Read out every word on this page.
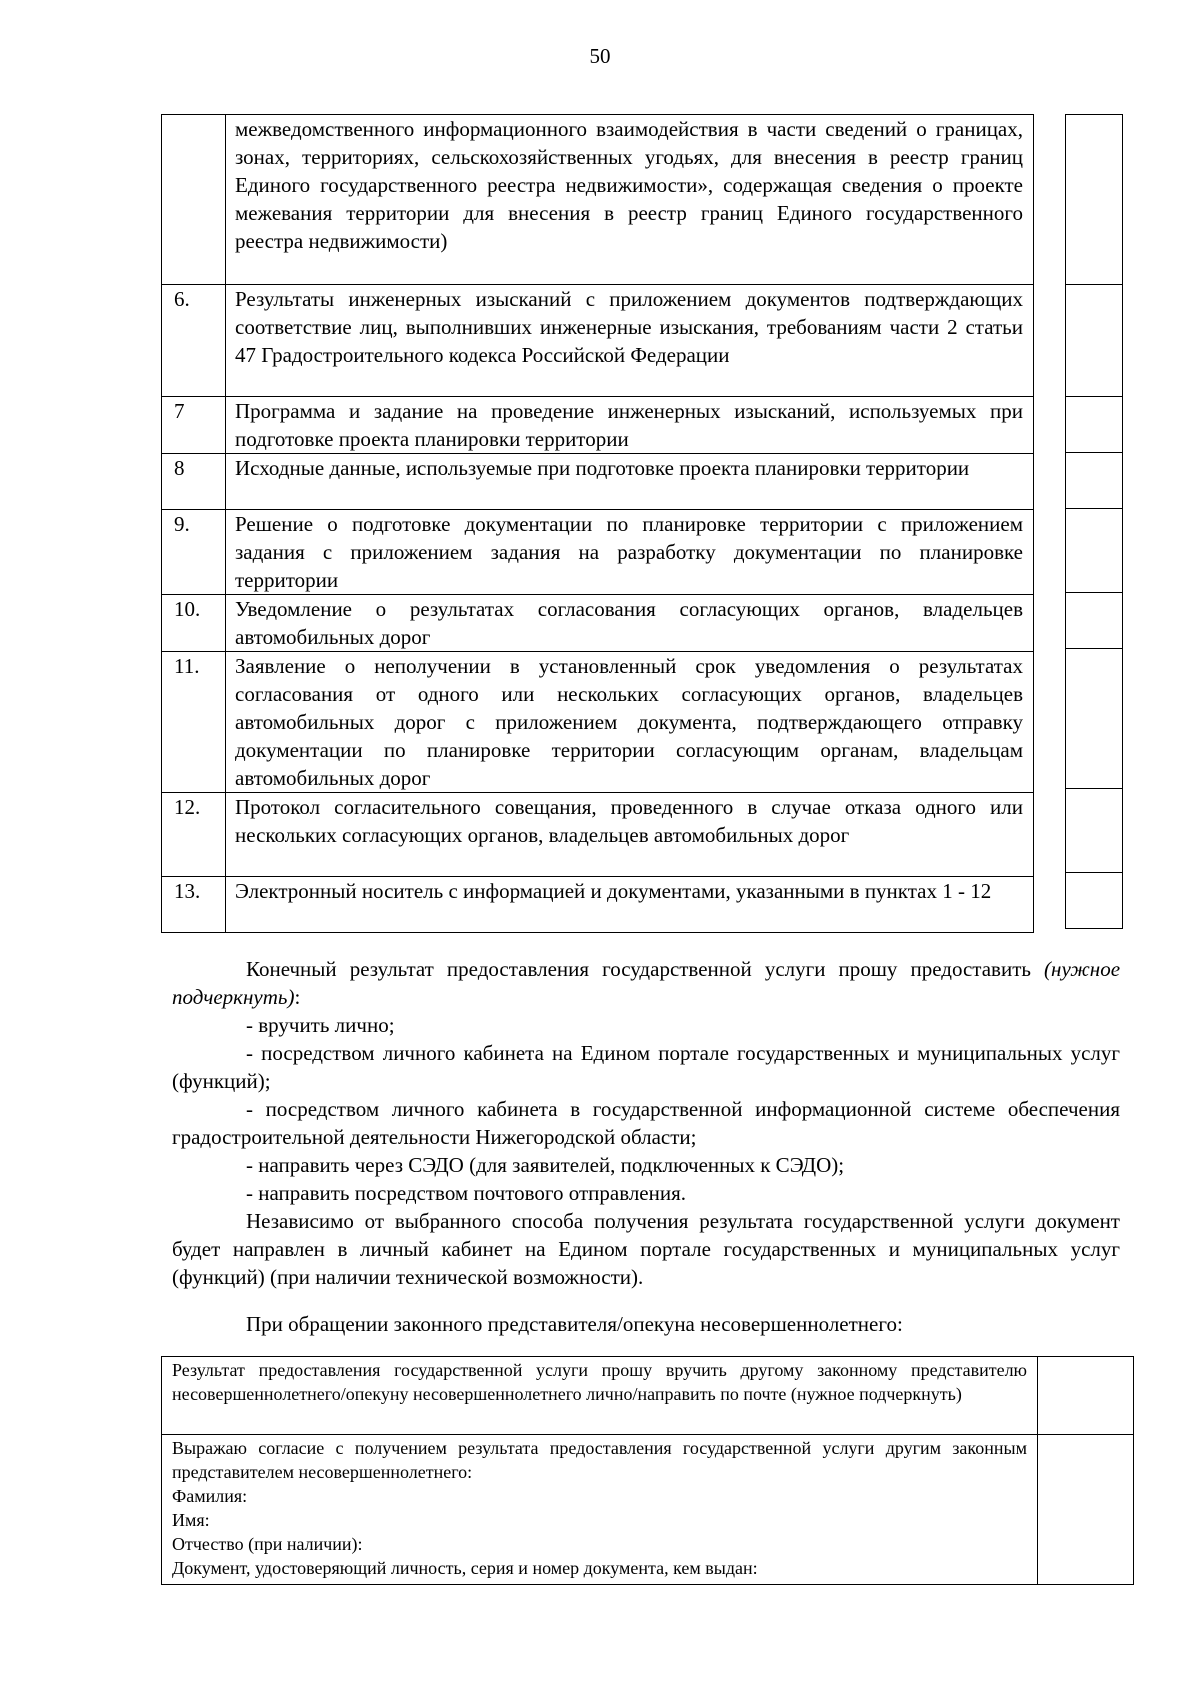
50
	межведомственного информационного взаимодействия в части сведений о границах, зонах, территориях, сельскохозяйственных угодьях, для внесения в реестр границ Единого государственного реестра недвижимости», содержащая сведения о проекте межевания территории для внесения в реестр границ Единого государственного реестра недвижимости)
6.	Результаты инженерных изысканий с приложением документов подтверждающих соответствие лиц, выполнивших инженерные изыскания, требованиям части 2 статьи 47 Градостроительного кодекса Российской Федерации
7	Программа и задание на проведение инженерных изысканий, используемых при подготовке проекта планировки территории
8	Исходные данные, используемые при подготовке проекта планировки территории
9.	Решение о подготовке документации по планировке территории с приложением задания с приложением задания на разработку документации по планировке территории
10.	Уведомление о результатах согласования согласующих органов, владельцев автомобильных дорог
11.	Заявление о неполучении в установленный срок уведомления о результатах согласования от одного или нескольких согласующих органов, владельцев автомобильных дорог с приложением документа, подтверждающего отправку документации по планировке территории согласующим органам, владельцам автомобильных дорог
12.	Протокол согласительного совещания, проведенного в случае отказа одного или нескольких согласующих органов, владельцев автомобильных дорог
13.	Электронный носитель с информацией и документами, указанными в пунктах 1 - 12

Конечный результат предоставления государственной услуги прошу предоставить (нужное подчеркнуть):

- вручить лично;

- посредством личного кабинета на Едином портале государственных и муниципальных услуг (функций);

- посредством личного кабинета в государственной информационной системе обеспечения градостроительной деятельности Нижегородской области;

- направить через СЭДО (для заявителей, подключенных к СЭДО);

- направить посредством почтового отправления.

Независимо от выбранного способа получения результата государственной услуги документ будет направлен в личный кабинет на Едином портале государственных и муниципальных услуг (функций) (при наличии технической возможности).

При обращении законного представителя/опекуна несовершеннолетнего:

Результат предоставления государственной услуги прошу вручить другому законному представителю несовершеннолетнего/опекуну несовершеннолетнего лично/направить по почте (нужное подчеркнуть)	

Выражаю согласие с получением результата предоставления государственной услуги другим законным представителем несовершеннолетнего:
Фамилия:
Имя:
Отчество (при наличии):
Документ, удостоверяющий личность, серия и номер документа, кем выдан:	
